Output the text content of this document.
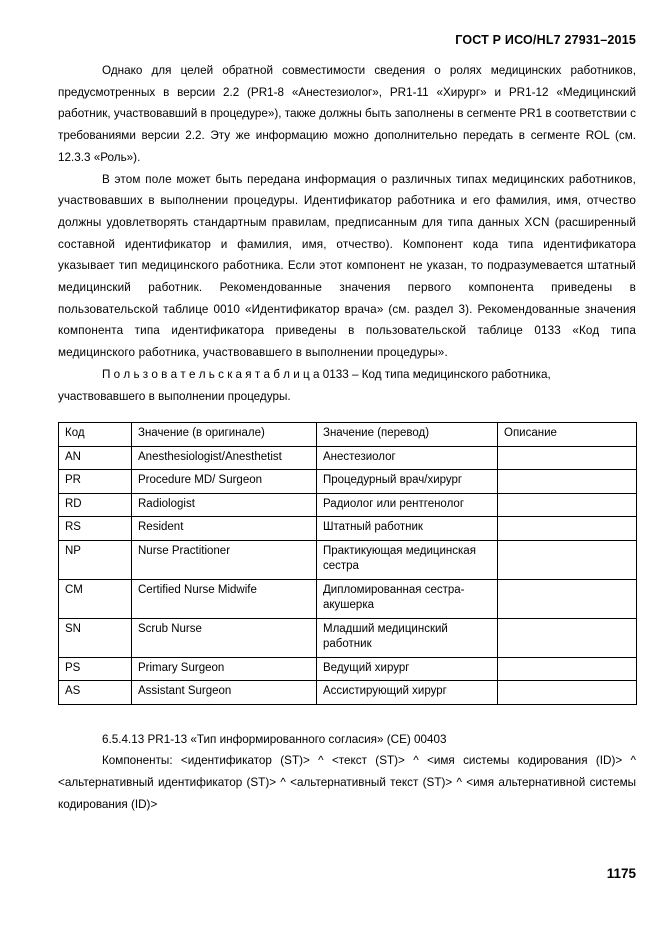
ГОСТ Р ИСО/HL7 27931–2015

Однако для целей обратной совместимости сведения о ролях медицинских работников, предусмотренных в версии 2.2 (PR1-8 «Анестезиолог», PR1-11 «Хирург» и PR1-12 «Медицинский работник, участвовавший в процедуре»), также должны быть заполнены в сегменте PR1 в соответствии с требованиями версии 2.2. Эту же информацию можно дополнительно передать в сегменте ROL (см. 12.3.3 «Роль»).

В этом поле может быть передана информация о различных типах медицинских работников, участвовавших в выполнении процедуры. Идентификатор работника и его фамилия, имя, отчество должны удовлетворять стандартным правилам, предписанным для типа данных XCN (расширенный составной идентификатор и фамилия, имя, отчество). Компонент кода типа идентификатора указывает тип медицинского работника. Если этот компонент не указан, то подразумевается штатный медицинский работник. Рекомендованные значения первого компонента приведены в пользовательской таблице 0010 «Идентификатор врача» (см. раздел 3). Рекомендованные значения компонента типа идентификатора приведены в пользовательской таблице 0133 «Код типа медицинского работника, участвовавшего в выполнении процедуры».

П о л ь з о в а т е л ь с к а я т а б л и ц а 0133 – Код типа медицинского работника, участвовавшего в выполнении процедуры.

Код	Значение (в оригинале)	Значение (перевод)	Описание
AN	Anesthesiologist/Anesthetist	Анестезиолог	
PR	Procedure MD/ Surgeon	Процедурный врач/хирург	
RD	Radiologist	Радиолог или рентгенолог	
RS	Resident	Штатный работник	
NP	Nurse Practitioner	Практикующая медицинская сестра	
CM	Certified Nurse Midwife	Дипломированная сестра-акушерка	
SN	Scrub Nurse	Младший медицинский работник	
PS	Primary Surgeon	Ведущий хирург	
AS	Assistant Surgeon	Ассистирующий хирург	

6.5.4.13 PR1-13 «Тип информированного согласия» (CE) 00403

Компоненты: <идентификатор (ST)> ^ <текст (ST)> ^ <имя системы кодирования (ID)> ^ <альтернативный идентификатор (ST)> ^ <альтернативный текст (ST)> ^ <имя альтернативной системы кодирования (ID)>

1175
